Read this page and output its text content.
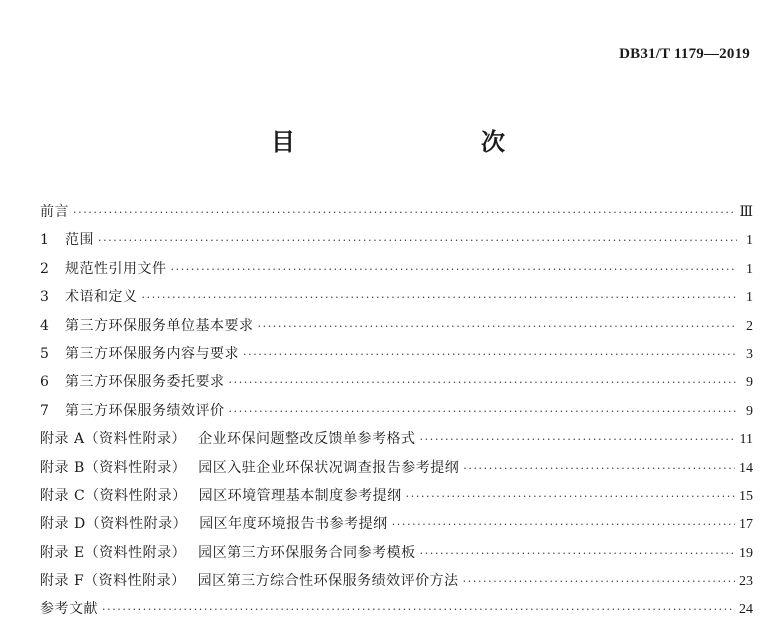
DB31/T 1179—2019
目　　次
前言 ·····	Ⅲ
1 范围 ·····	1
2 规范性引用文件 ·····	1
3 术语和定义 ·····	1
4 第三方环保服务单位基本要求 ·····	2
5 第三方环保服务内容与要求 ·····	3
6 第三方环保服务委托要求 ·····	9
7 第三方环保服务绩效评价 ·····	9
附录 A（资料性附录） 企业环保问题整改反馈单参考格式 ·····	11
附录 B（资料性附录） 园区入驻企业环保状况调查报告参考提纲 ·····	14
附录 C（资料性附录） 园区环境管理基本制度参考提纲 ·····	15
附录 D（资料性附录） 园区年度环境报告书参考提纲 ·····	17
附录 E（资料性附录） 园区第三方环保服务合同参考模板 ·····	19
附录 F（资料性附录） 园区第三方综合性环保服务绩效评价方法 ·····	23
参考文献 ·····	24
